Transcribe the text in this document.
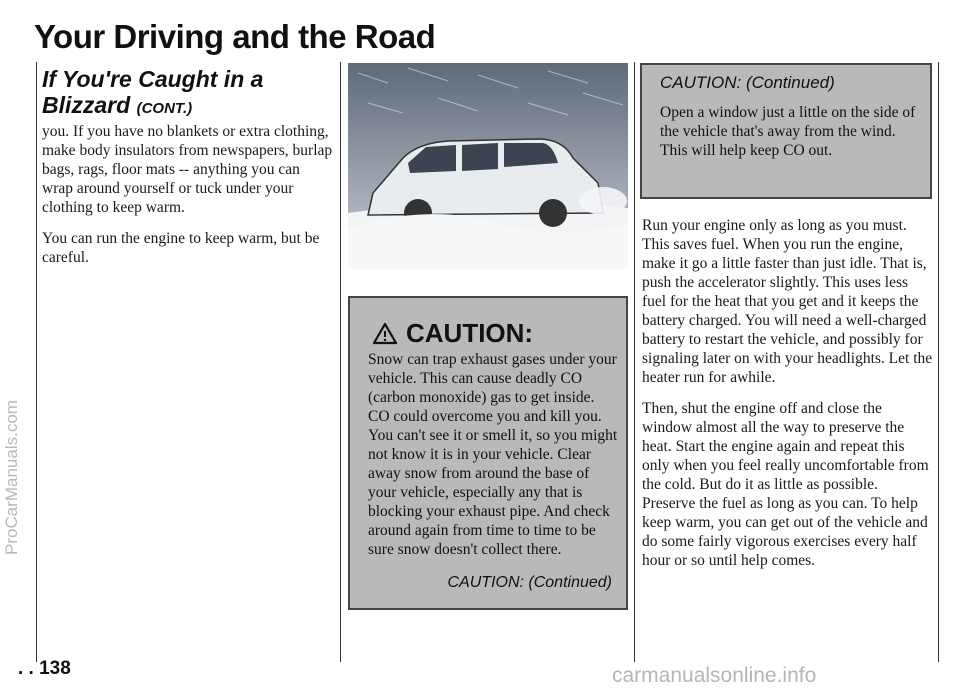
Your Driving and the Road
ProCarManuals.com
If You're Caught in a Blizzard (CONT.)

you. If you have no blankets or extra clothing, make body insulators from newspapers, burlap bags, rags, floor mats -- anything you can wrap around yourself or tuck under your clothing to keep warm.

You can run the engine to keep warm, but be careful.

CAUTION:
Snow can trap exhaust gases under your vehicle. This can cause deadly CO (carbon monoxide) gas to get inside. CO could overcome you and kill you. You can't see it or smell it, so you might not know it is in your vehicle. Clear away snow from around the base of your vehicle, especially any that is blocking your exhaust pipe. And check around again from time to time to be sure snow doesn't collect there.
CAUTION: (Continued)
CAUTION: (Continued)
Open a window just a little on the side of the vehicle that's away from the wind. This will help keep CO out.

Run your engine only as long as you must. This saves fuel. When you run the engine, make it go a little faster than just idle. That is, push the accelerator slightly. This uses less fuel for the heat that you get and it keeps the battery charged. You will need a well-charged battery to restart the vehicle, and possibly for signaling later on with your headlights. Let the heater run for awhile.

Then, shut the engine off and close the window almost all the way to preserve the heat. Start the engine again and repeat this only when you feel really uncomfortable from the cold. But do it as little as possible. Preserve the fuel as long as you can. To help keep warm, you can get out of the vehicle and do some fairly vigorous exercises every half hour or so until help comes.

. . 138	carmanualsonline.info
